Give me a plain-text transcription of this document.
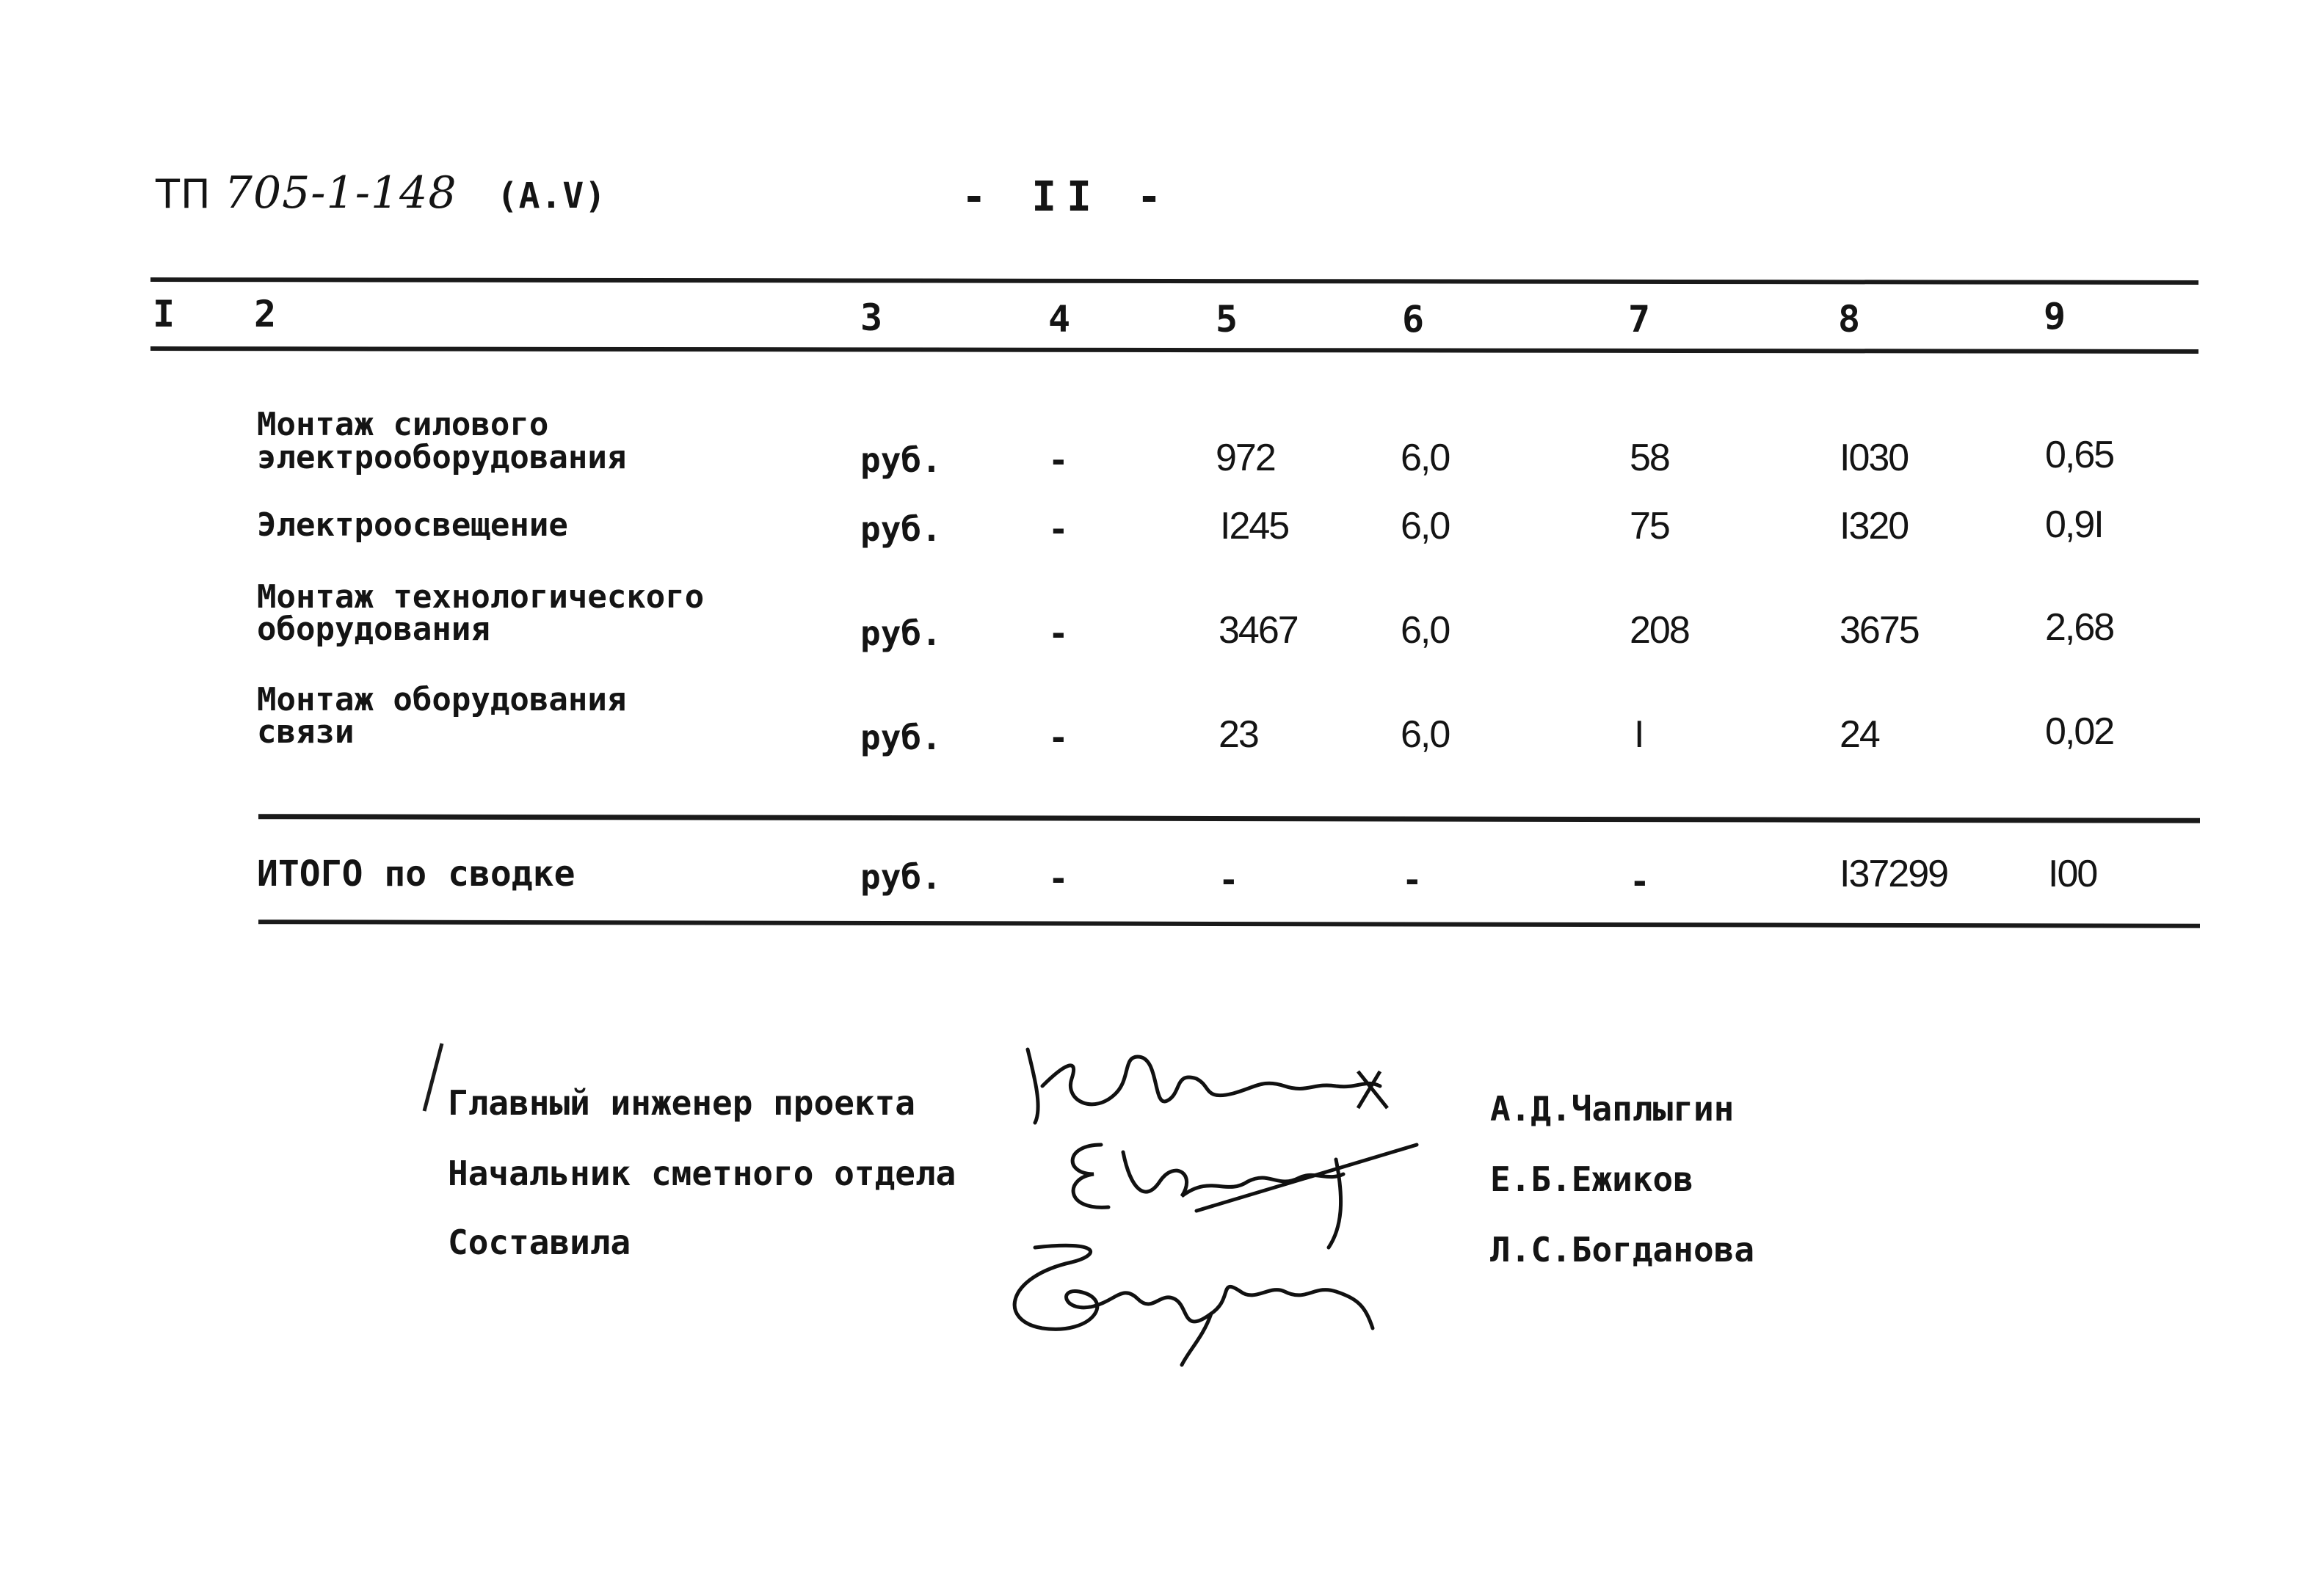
ТП 705-1-148 (А.V)	- II -
I 2	3	4	5	6	7	8	9
Монтаж силового
электрооборудования	руб.	-	972	6,0	58	I030	0,65
Электроосвещение	руб.	-	I245	6,0	75	I320	0,9I
Монтаж технологического
оборудования	руб.	-	3467	6,0	208	3675	2,68
Монтаж оборудования
связи	руб.	-	23	6,0	I	24	0,02
ИТОГО по сводке	руб.	-	-	-	-	I37299	I00
Главный инженер проекта
Начальник сметного отдела
Составила
А.Д.Чаплыгин
Е.Б.Ежиков
Л.С.Богданова
